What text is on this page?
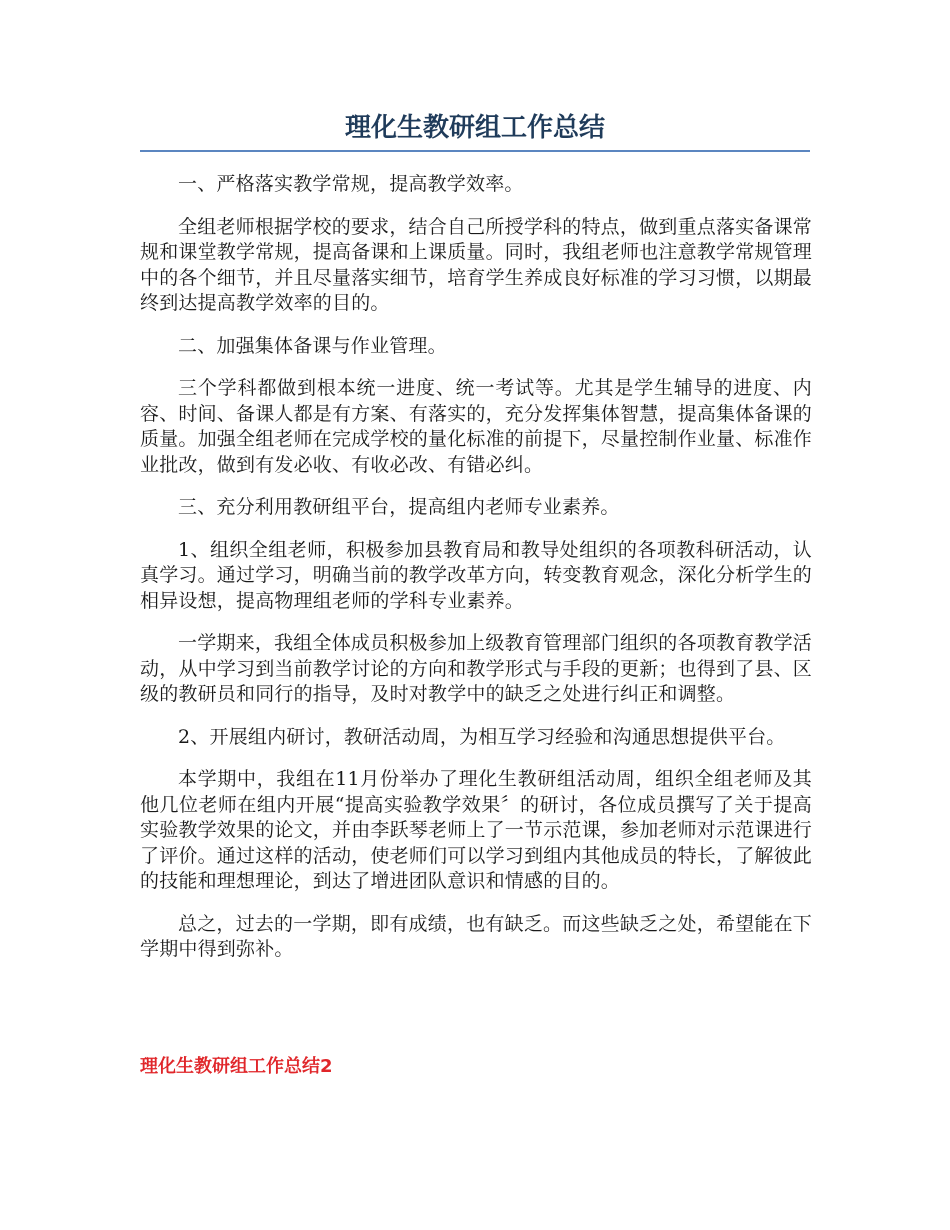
理化生教研组工作总结

一、严格落实教学常规，提高教学效率。

全组老师根据学校的要求，结合自己所授学科的特点，做到重点落实备课常规和课堂教学常规，提高备课和上课质量。同时，我组老师也注意教学常规管理中的各个细节，并且尽量落实细节，培育学生养成良好标准的学习习惯，以期最终到达提高教学效率的目的。

二、加强集体备课与作业管理。

三个学科都做到根本统一进度、统一考试等。尤其是学生辅导的进度、内容、时间、备课人都是有方案、有落实的，充分发挥集体智慧，提高集体备课的质量。加强全组老师在完成学校的量化标准的前提下，尽量控制作业量、标准作业批改，做到有发必收、有收必改、有错必纠。

三、充分利用教研组平台，提高组内老师专业素养。

1、组织全组老师，积极参加县教育局和教导处组织的各项教科研活动，认真学习。通过学习，明确当前的教学改革方向，转变教育观念，深化分析学生的相异设想，提高物理组老师的学科专业素养。

一学期来，我组全体成员积极参加上级教育管理部门组织的各项教育教学活动，从中学习到当前教学讨论的方向和教学形式与手段的更新；也得到了县、区级的教研员和同行的指导，及时对教学中的缺乏之处进行纠正和调整。

2、开展组内研讨，教研活动周，为相互学习经验和沟通思想提供平台。

本学期中，我组在11月份举办了理化生教研组活动周，组织全组老师及其他几位老师在组内开展“提高实验教学效果〞的研讨，各位成员撰写了关于提高实验教学效果的论文，并由李跃琴老师上了一节示范课，参加老师对示范课进行了评价。通过这样的活动，使老师们可以学习到组内其他成员的特长，了解彼此的技能和理想理论，到达了增进团队意识和情感的目的。

总之，过去的一学期，即有成绩，也有缺乏。而这些缺乏之处，希望能在下学期中得到弥补。

理化生教研组工作总结2
